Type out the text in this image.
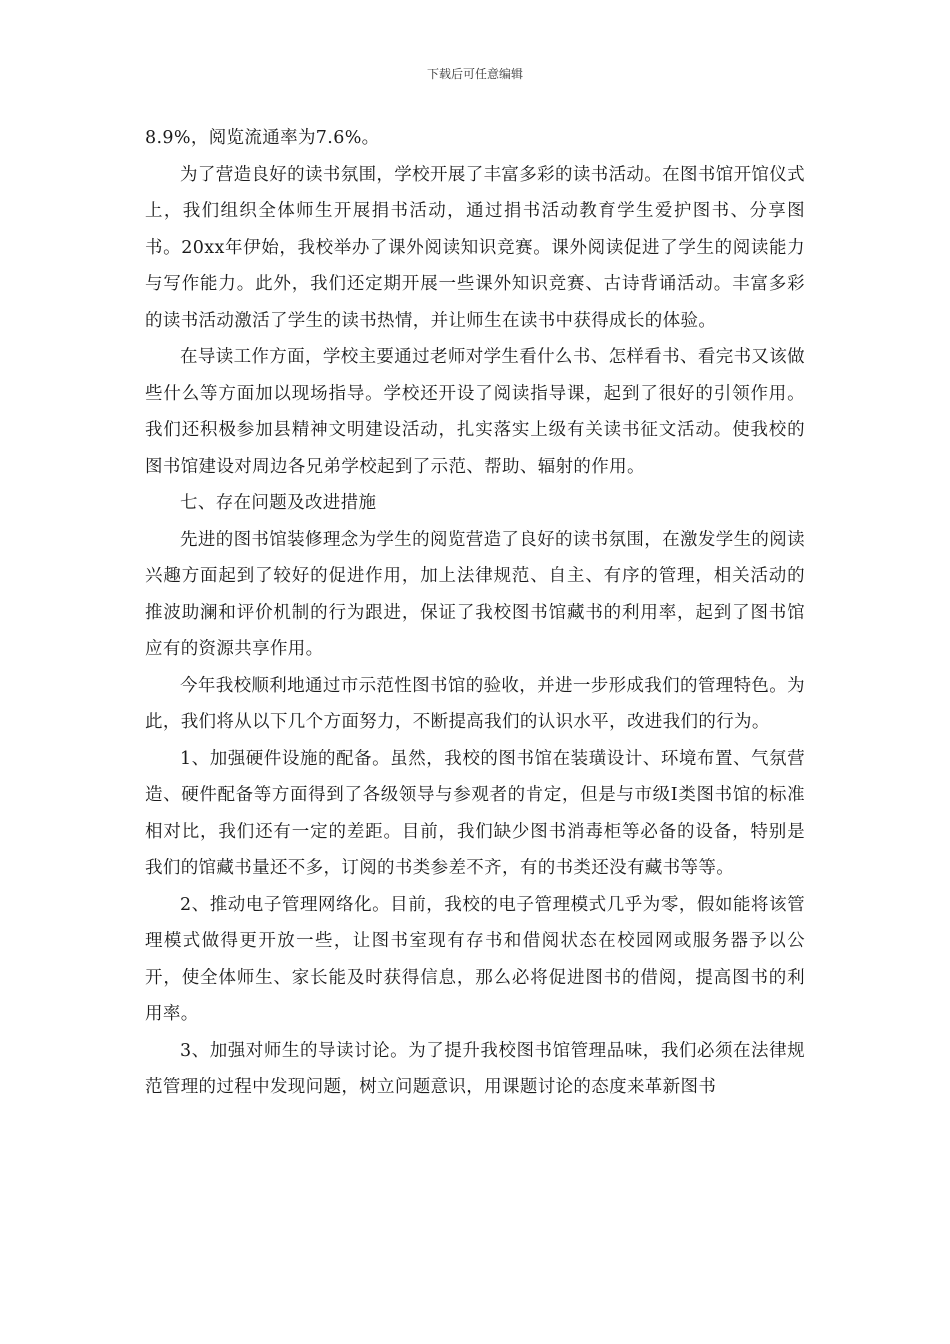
下载后可任意编辑

8.9%，阅览流通率为7.6%。

为了营造良好的读书氛围，学校开展了丰富多彩的读书活动。在图书馆开馆仪式上，我们组织全体师生开展捐书活动，通过捐书活动教育学生爱护图书、分享图书。20xx年伊始，我校举办了课外阅读知识竞赛。课外阅读促进了学生的阅读能力与写作能力。此外，我们还定期开展一些课外知识竞赛、古诗背诵活动。丰富多彩的读书活动激活了学生的读书热情，并让师生在读书中获得成长的体验。

在导读工作方面，学校主要通过老师对学生看什么书、怎样看书、看完书又该做些什么等方面加以现场指导。学校还开设了阅读指导课，起到了很好的引领作用。我们还积极参加县精神文明建设活动，扎实落实上级有关读书征文活动。使我校的图书馆建设对周边各兄弟学校起到了示范、帮助、辐射的作用。

七、存在问题及改进措施

先进的图书馆装修理念为学生的阅览营造了良好的读书氛围，在激发学生的阅读兴趣方面起到了较好的促进作用，加上法律规范、自主、有序的管理，相关活动的推波助澜和评价机制的行为跟进，保证了我校图书馆藏书的利用率，起到了图书馆应有的资源共享作用。

今年我校顺利地通过市示范性图书馆的验收，并进一步形成我们的管理特色。为此，我们将从以下几个方面努力，不断提高我们的认识水平，改进我们的行为。

1、加强硬件设施的配备。虽然，我校的图书馆在装璜设计、环境布置、气氛营造、硬件配备等方面得到了各级领导与参观者的肯定，但是与市级Ⅰ类图书馆的标准相对比，我们还有一定的差距。目前，我们缺少图书消毒柜等必备的设备，特别是我们的馆藏书量还不多，订阅的书类参差不齐，有的书类还没有藏书等等。

2、推动电子管理网络化。目前，我校的电子管理模式几乎为零，假如能将该管理模式做得更开放一些，让图书室现有存书和借阅状态在校园网或服务器予以公开，使全体师生、家长能及时获得信息，那么必将促进图书的借阅，提高图书的利用率。

3、加强对师生的导读讨论。为了提升我校图书馆管理品味，我们必须在法律规范管理的过程中发现问题，树立问题意识，用课题讨论的态度来革新图书
